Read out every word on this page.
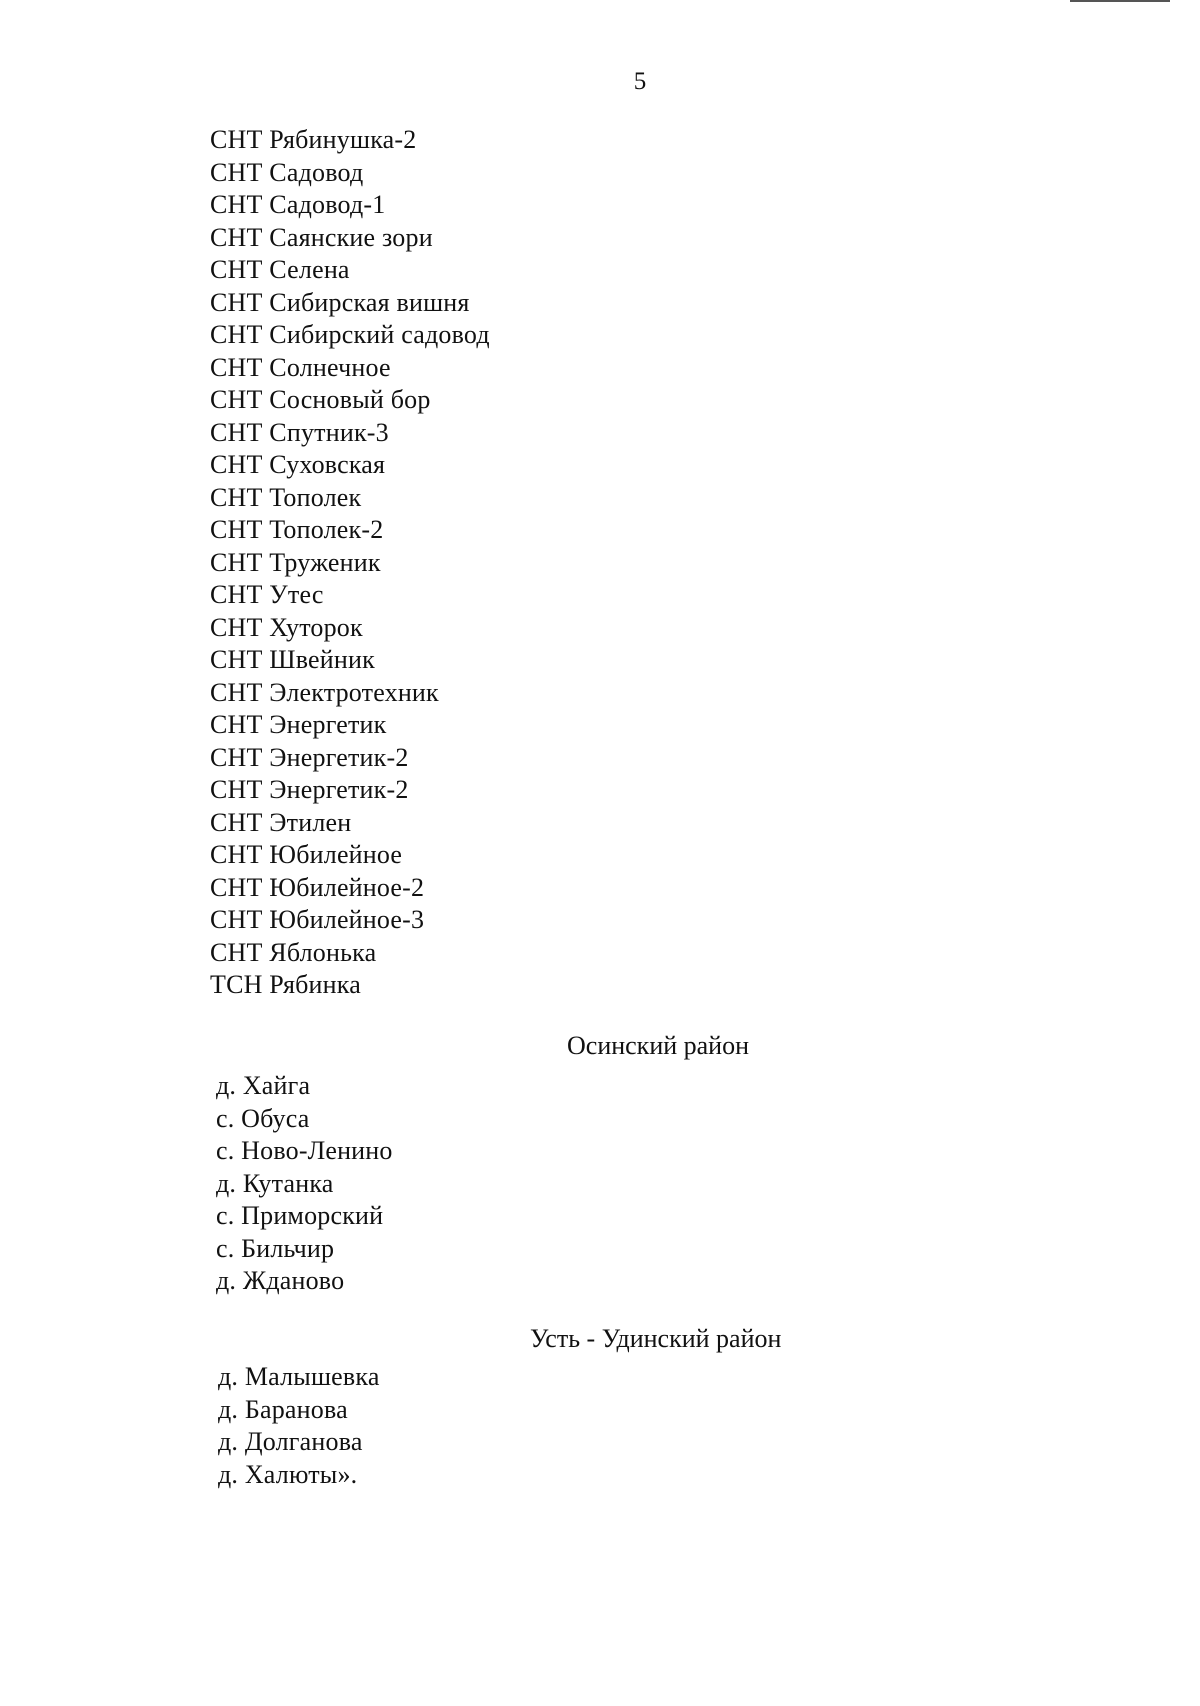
5
СНТ Рябинушка-2
СНТ Садовод
СНТ Садовод-1
СНТ Саянские зори
СНТ Селена
СНТ Сибирская вишня
СНТ Сибирский садовод
СНТ Солнечное
СНТ Сосновый бор
СНТ Спутник-3
СНТ Суховская
СНТ Тополек
СНТ Тополек-2
СНТ Труженик
СНТ Утес
СНТ Хуторок
СНТ Швейник
СНТ Электротехник
СНТ Энергетик
СНТ Энергетик-2
СНТ Энергетик-2
СНТ Этилен
СНТ Юбилейное
СНТ Юбилейное-2
СНТ Юбилейное-3
СНТ Яблонька
ТСН Рябинка
Осинский район
д. Хайга
с. Обуса
с. Ново-Ленино
д. Кутанка
с. Приморский
с. Бильчир
д. Жданово
Усть - Удинский район
д. Малышевка
д. Баранова
д. Долганова
д. Халюты».
